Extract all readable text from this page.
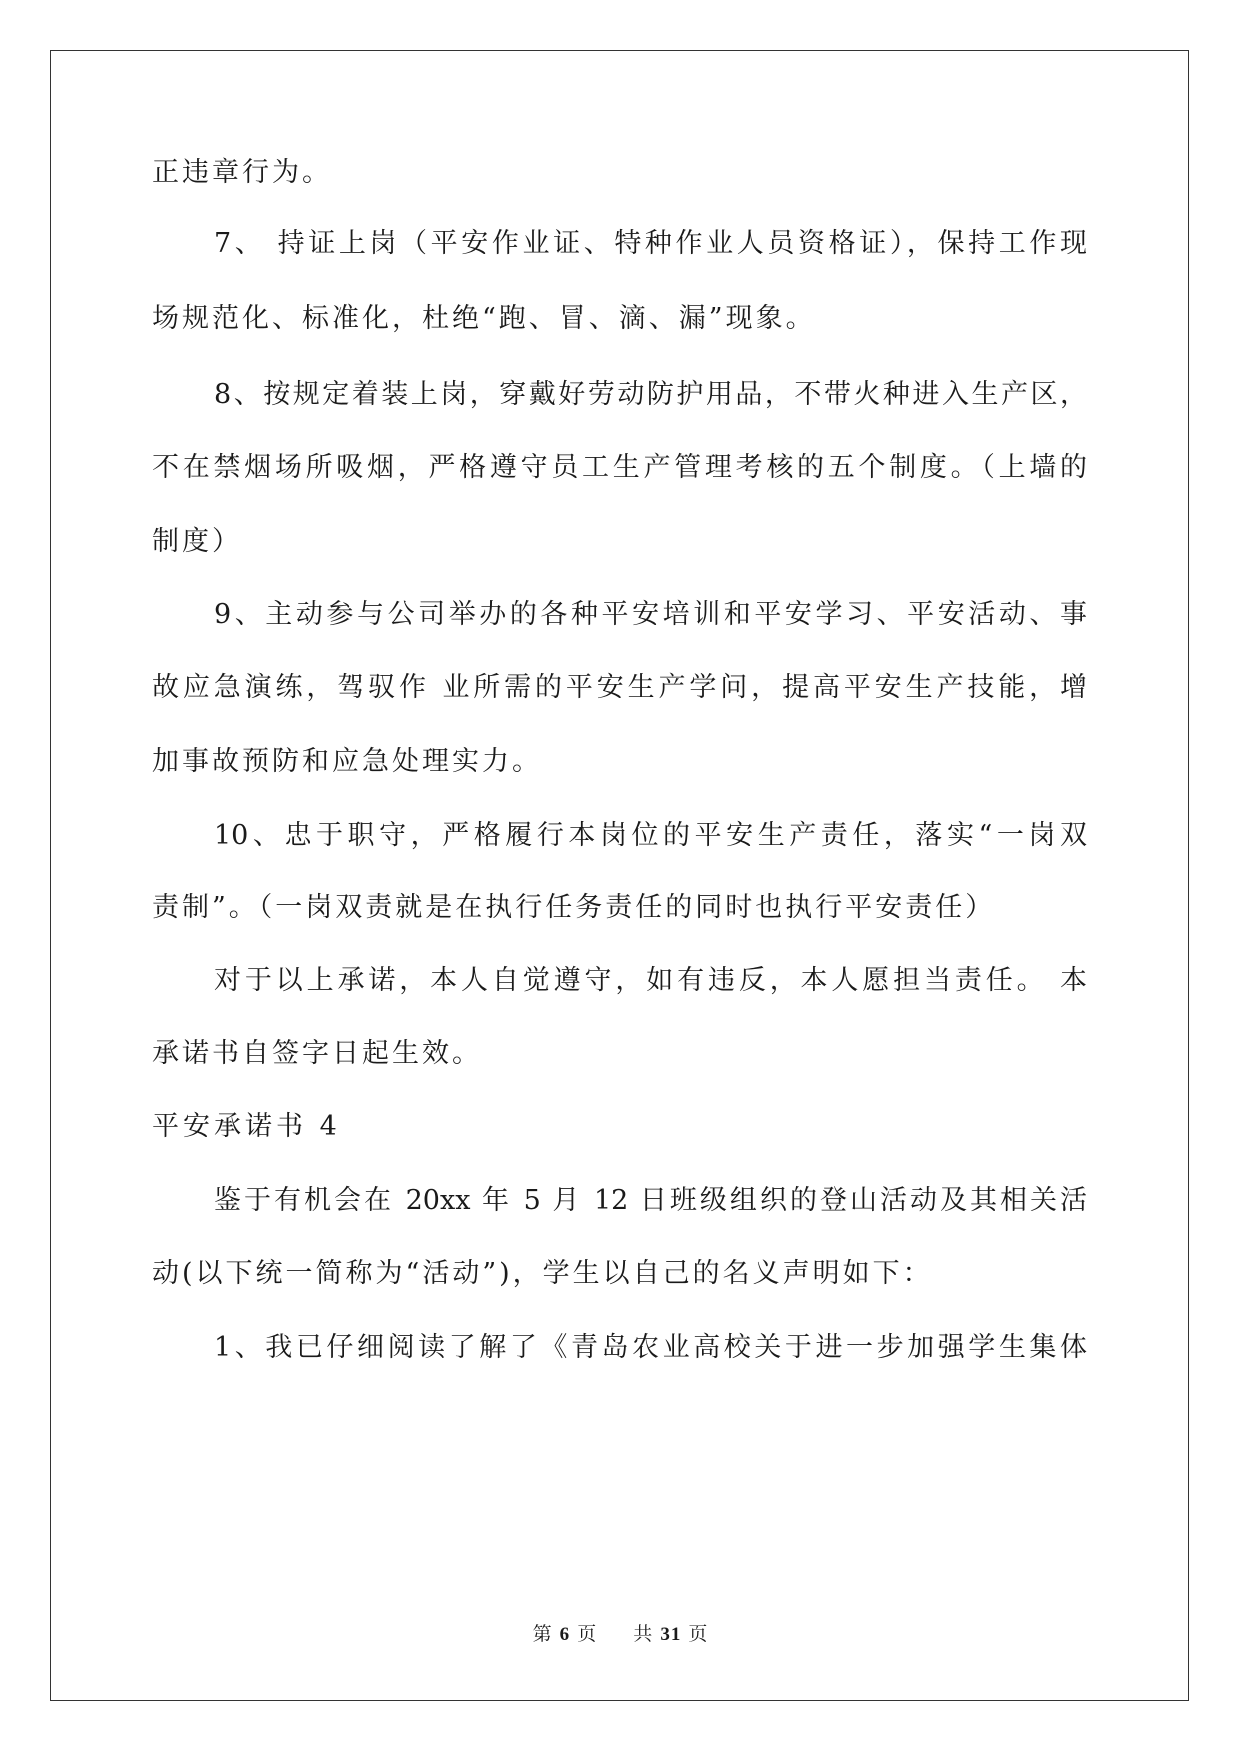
正违章行为。
7、 持证上岗（平安作业证、特种作业人员资格证），保持工作现
场规范化、标准化，杜绝“跑、冒、滴、漏”现象。
8、按规定着装上岗，穿戴好劳动防护用品，不带火种进入生产区，
不在禁烟场所吸烟，严格遵守员工生产管理考核的五个制度。（上墙的
制度）
9、主动参与公司举办的各种平安培训和平安学习、平安活动、事
故应急演练，驾驭作 业所需的平安生产学问，提高平安生产技能，增
加事故预防和应急处理实力。
10、忠于职守，严格履行本岗位的平安生产责任，落实“一岗双
责制”。（一岗双责就是在执行任务责任的同时也执行平安责任）
对于以上承诺，本人自觉遵守，如有违反，本人愿担当责任。 本
承诺书自签字日起生效。
平安承诺书 4
鉴于有机会在 20xx 年 5 月 12 日班级组织的登山活动及其相关活
动(以下统一简称为“活动”)，学生以自己的名义声明如下：
1、我已仔细阅读了解了《青岛农业高校关于进一步加强学生集体
第 6 页 共 31 页
